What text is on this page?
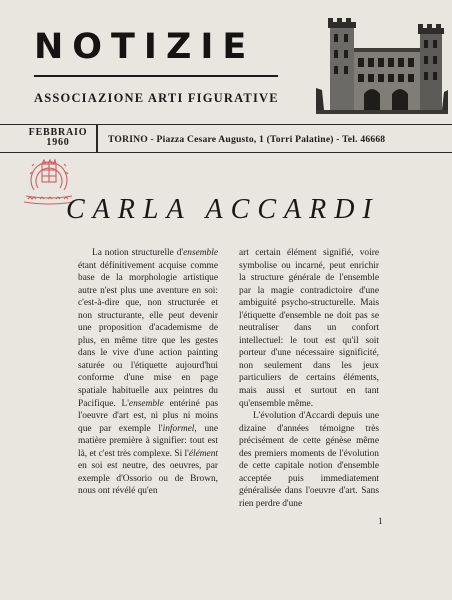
NOTIZIE
ASSOCIAZIONE ARTI FIGURATIVE
FEBBRAIO
1960	TORINO - Piazza Cesare Augusto, 1 (Torri Palatine) - Tel. 46668
CARLA ACCARDI

La notion structurelle d'ensemble étant définitivement acquise comme base de la morphologie artistique autre n'est plus une aventure en soi: c'est-à-dire que, non structurée et non structurante, elle peut devenir une proposition d'academisme de plus, en même titre que les gestes dans le vive d'une action painting saturée ou l'étiquette aujourd'hui conforme d'une mise en page spatiale habituelle aux peintres du Pacifique. L'ensemble entériné pas l'oeuvre d'art est, ni plus ni moins que par exemple l'informel, une matière première à signifier: tout est là, et c'est très complexe. Si l'élément en soi est neutre, des oeuvres, par exemple d'Ossorio ou de Brown, nous ont révélé qu'en

art certain élément signifié, voire symbolise ou incarné, peut enrichir la structure générale de l'ensemble par la magie contradictoire d'une ambiguité psycho-structurelle. Mais l'étiquette d'ensemble ne doit pas se neutraliser dans un confort intellectuel: le tout est qu'il soit porteur d'une nécessaire significité, non seulement dans les jeux particuliers de certains éléments, mais aussi et surtout en tant qu'ensemble même.

L'évolution d'Accardi depuis une dizaine d'années témoigne très précisément de cette génèse même des premiers moments de l'évolution de cette capitale notion d'ensemble acceptée puis immediatement généralisée dans l'oeuvre d'art. Sans rien perdre d'une

1
